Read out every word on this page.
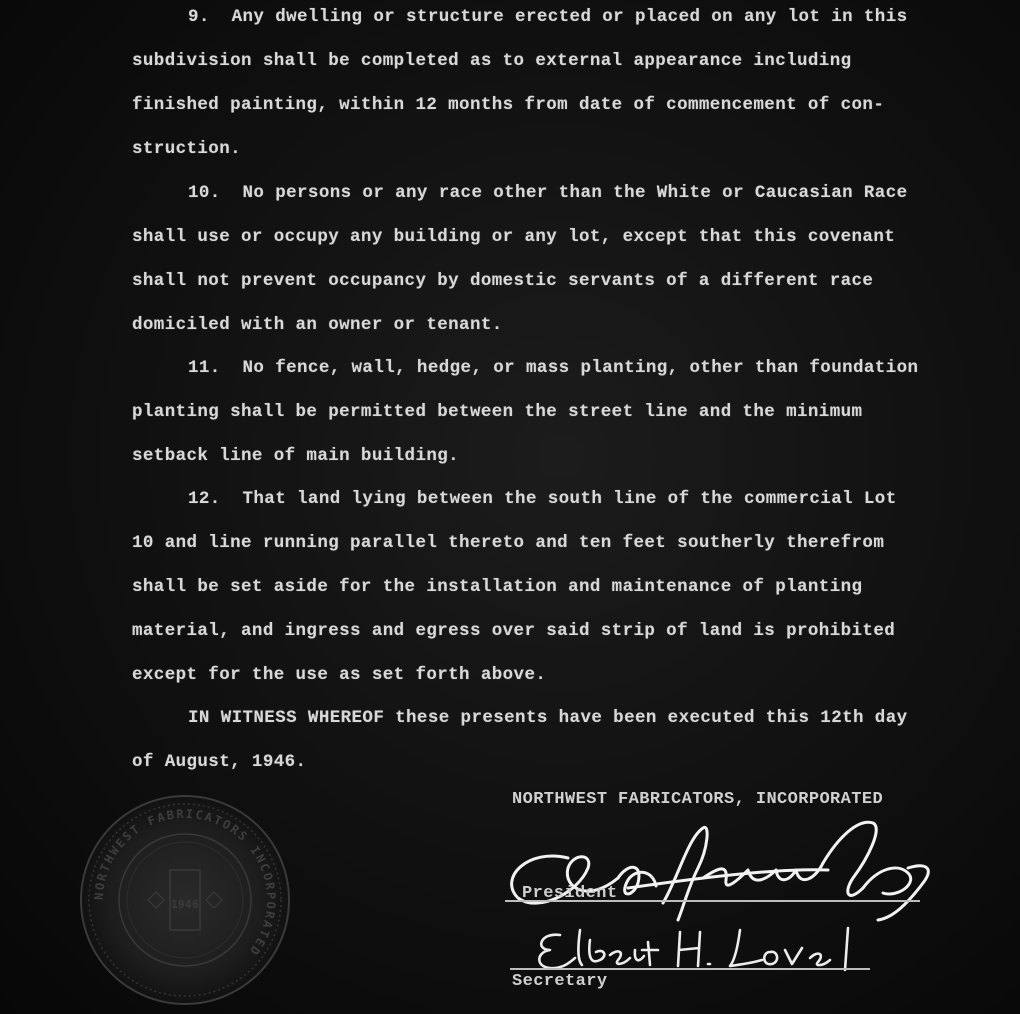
9.  Any dwelling or structure erected or placed on any lot in this
subdivision shall be completed as to external appearance including
finished painting, within 12 months from date of commencement of con-
struction.
10.  No persons or any race other than the White or Caucasian Race
shall use or occupy any building or any lot, except that this covenant
shall not prevent occupancy by domestic servants of a different race
domiciled with an owner or tenant.
11.  No fence, wall, hedge, or mass planting, other than foundation
planting shall be permitted between the street line and the minimum
setback line of main building.
12.  That land lying between the south line of the commercial Lot
10 and line running parallel thereto and ten feet southerly therefrom
shall be set aside for the installation and maintenance of planting
material, and ingress and egress over said strip of land is prohibited
except for the use as set forth above.
IN WITNESS WHEREOF these presents have been executed this 12th day
of August, 1946.
NORTHWEST FABRICATORS INCORPORATED
1946
NORTHWEST FABRICATORS, INCORPORATED
President
Secretary
